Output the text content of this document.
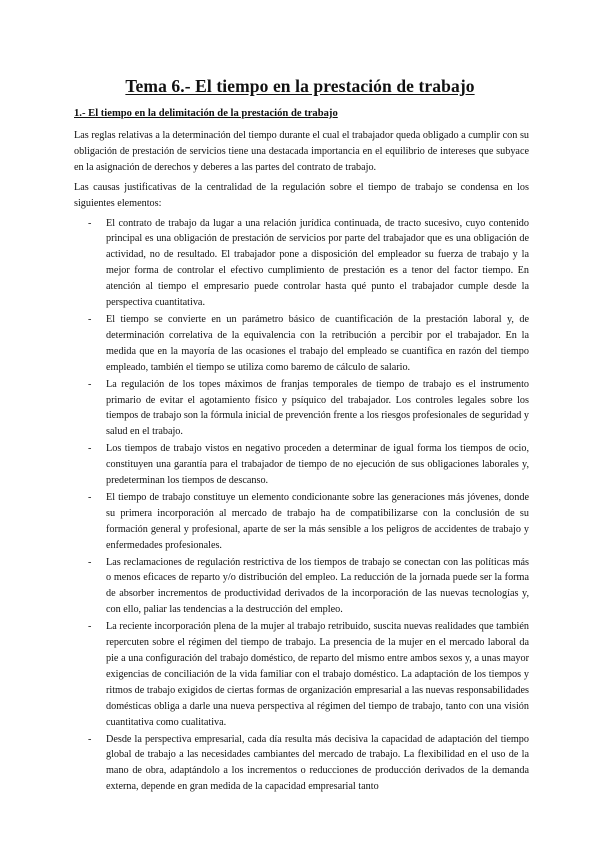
Tema 6.- El tiempo en la prestación de trabajo
1.- El tiempo en la delimitación de la prestación de trabajo

Las reglas relativas a la determinación del tiempo durante el cual el trabajador queda obligado a cumplir con su obligación de prestación de servicios tiene una destacada importancia en el equilibrio de intereses que subyace en la asignación de derechos y deberes a las partes del contrato de trabajo.

Las causas justificativas de la centralidad de la regulación sobre el tiempo de trabajo se condensa en los siguientes elementos:

- El contrato de trabajo da lugar a una relación jurídica continuada, de tracto sucesivo, cuyo contenido principal es una obligación de prestación de servicios por parte del trabajador que es una obligación de actividad, no de resultado. El trabajador pone a disposición del empleador su fuerza de trabajo y la mejor forma de controlar el efectivo cumplimiento de prestación es a tenor del factor tiempo. En atención al tiempo el empresario puede controlar hasta qué punto el trabajador cumple desde la perspectiva cuantitativa.
- El tiempo se convierte en un parámetro básico de cuantificación de la prestación laboral y, de determinación correlativa de la equivalencia con la retribución a percibir por el trabajador. En la medida que en la mayoría de las ocasiones el trabajo del empleado se cuantifica en razón del tiempo empleado, también el tiempo se utiliza como baremo de cálculo de salario.
- La regulación de los topes máximos de franjas temporales de tiempo de trabajo es el instrumento primario de evitar el agotamiento físico y psíquico del trabajador. Los controles legales sobre los tiempos de trabajo son la fórmula inicial de prevención frente a los riesgos profesionales de seguridad y salud en el trabajo.
- Los tiempos de trabajo vistos en negativo proceden a determinar de igual forma los tiempos de ocio, constituyen una garantía para el trabajador de tiempo de no ejecución de sus obligaciones laborales y, predeterminan los tiempos de descanso.
- El tiempo de trabajo constituye un elemento condicionante sobre las generaciones más jóvenes, donde su primera incorporación al mercado de trabajo ha de compatibilizarse con la conclusión de su formación general y profesional, aparte de ser la más sensible a los peligros de accidentes de trabajo y enfermedades profesionales.
- Las reclamaciones de regulación restrictiva de los tiempos de trabajo se conectan con las políticas más o menos eficaces de reparto y/o distribución del empleo. La reducción de la jornada puede ser la forma de absorber incrementos de productividad derivados de la incorporación de las nuevas tecnologías y, con ello, paliar las tendencias a la destrucción del empleo.
- La reciente incorporación plena de la mujer al trabajo retribuido, suscita nuevas realidades que también repercuten sobre el régimen del tiempo de trabajo. La presencia de la mujer en el mercado laboral da pie a una configuración del trabajo doméstico, de reparto del mismo entre ambos sexos y, a unas mayor exigencias de conciliación de la vida familiar con el trabajo doméstico. La adaptación de los tiempos y ritmos de trabajo exigidos de ciertas formas de organización empresarial a las nuevas responsabilidades domésticas obliga a darle una nueva perspectiva al régimen del tiempo de trabajo, tanto con una visión cuantitativa como cualitativa.
- Desde la perspectiva empresarial, cada día resulta más decisiva la capacidad de adaptación del tiempo global de trabajo a las necesidades cambiantes del mercado de trabajo. La flexibilidad en el uso de la mano de obra, adaptándolo a los incrementos o reducciones de producción derivados de la demanda externa, depende en gran medida de la capacidad empresarial tanto
